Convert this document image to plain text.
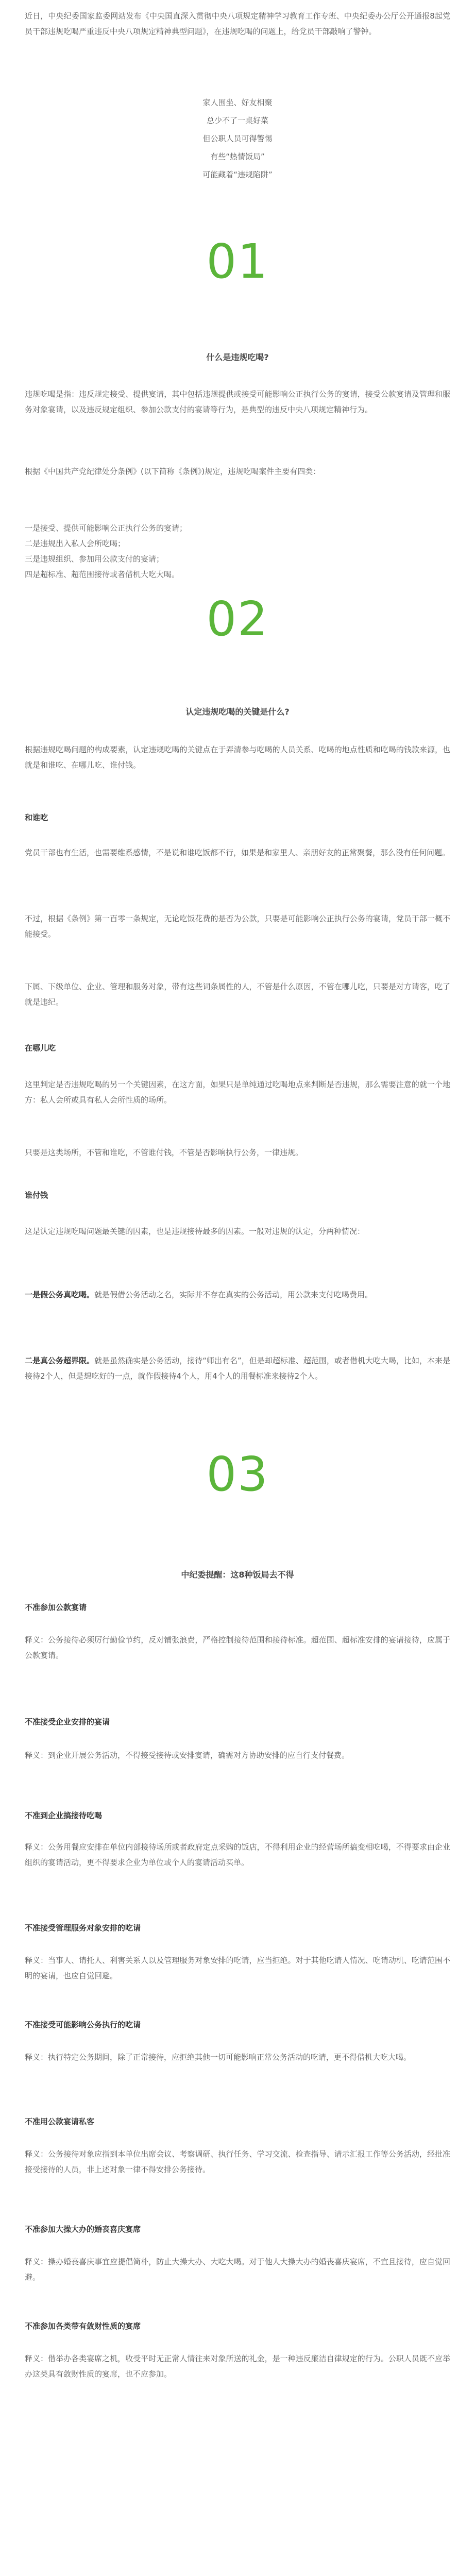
近日，中央纪委国家监委网站发布《中央国直深入贯彻中央八项规定精神学习教育工作专班、中央纪委办公厅公开通报8起党员干部违规吃喝严重违反中央八项规定精神典型问题》，在违规吃喝的问题上，给党员干部敲响了警钟。

家人围坐、好友相聚
总少不了一桌好菜
但公职人员可得警惕
有些“热情饭局”
可能藏着“违规陷阱”
01
什么是违规吃喝?

违规吃喝是指：违反规定接受、提供宴请，其中包括违规提供或接受可能影响公正执行公务的宴请，接受公款宴请及管理和服务对象宴请，以及违反规定组织、参加公款支付的宴请等行为，是典型的违反中央八项规定精神行为。

根据《中国共产党纪律处分条例》(以下简称《条例》)规定，违规吃喝案件主要有四类：

一是接受、提供可能影响公正执行公务的宴请；

二是违规出入私人会所吃喝；

三是违规组织、参加用公款支付的宴请；

四是超标准、超范围接待或者借机大吃大喝。

02
认定违规吃喝的关键是什么?

根据违规吃喝问题的构成要素，认定违规吃喝的关键点在于弄清参与吃喝的人员关系、吃喝的地点性质和吃喝的钱款来源，也就是和谁吃、在哪儿吃、谁付钱。

和谁吃

党员干部也有生活，也需要维系感情，不是说和谁吃饭都不行，如果是和家里人、亲朋好友的正常聚餐，那么没有任何问题。

不过，根据《条例》第一百零一条规定，无论吃饭花费的是否为公款，只要是可能影响公正执行公务的宴请，党员干部一概不能接受。

下属、下级单位、企业、管理和服务对象，带有这些词条属性的人，不管是什么原因，不管在哪儿吃，只要是对方请客，吃了就是违纪。

在哪儿吃

这里判定是否违规吃喝的另一个关键因素，在这方面，如果只是单纯通过吃喝地点来判断是否违规，那么需要注意的就一个地方：私人会所或具有私人会所性质的场所。

只要是这类场所，不管和谁吃，不管谁付钱，不管是否影响执行公务，一律违规。

谁付钱

这是认定违规吃喝问题最关键的因素，也是违规接待最多的因素。一般对违规的认定，分两种情况：

一是假公务真吃喝。就是假借公务活动之名，实际并不存在真实的公务活动，用公款来支付吃喝费用。

二是真公务超界限。就是虽然确实是公务活动，接待“师出有名”，但是却超标准、超范围，或者借机大吃大喝，比如，本来是接待2个人，但是想吃好的一点，就作假接待4个人，用4个人的用餐标准来接待2个人。

03
中纪委提醒：这8种饭局去不得
不准参加公款宴请

释义：公务接待必须厉行勤俭节约，反对铺张浪费，严格控制接待范围和接待标准。超范围、超标准安排的宴请接待，应属于公款宴请。

不准接受企业安排的宴请

释义：到企业开展公务活动，不得接受接待或安排宴请，确需对方协助安排的应自行支付餐费。

不准到企业搞接待吃喝

释义：公务用餐应安排在单位内部接待场所或者政府定点采购的饭店，不得利用企业的经营场所搞变相吃喝，不得要求由企业组织的宴请活动，更不得要求企业为单位或个人的宴请活动买单。

不准接受管理服务对象安排的吃请

释义：当事人、请托人、利害关系人以及管理服务对象安排的吃请，应当拒绝。对于其他吃请人情况、吃请动机、吃请范围不明的宴请，也应自觉回避。

不准接受可能影响公务执行的吃请

释义：执行特定公务期间，除了正常接待，应拒绝其他一切可能影响正常公务活动的吃请，更不得借机大吃大喝。

不准用公款宴请私客

释义：公务接待对象应指到本单位出席会议、考察调研、执行任务、学习交流、检查指导、请示汇报工作等公务活动，经批准接受接待的人员，非上述对象一律不得安排公务接待。

不准参加大操大办的婚丧喜庆宴席

释义：操办婚丧喜庆事宜应提倡简朴，防止大操大办、大吃大喝。对于他人大操大办的婚丧喜庆宴席，不宜且接待，应自觉回避。

不准参加各类带有敛财性质的宴席

释义：借举办各类宴席之机，收受平时无正常人情往来对象所送的礼金，是一种违反廉洁自律规定的行为。公职人员既不应举办这类具有敛财性质的宴席，也不应参加。
